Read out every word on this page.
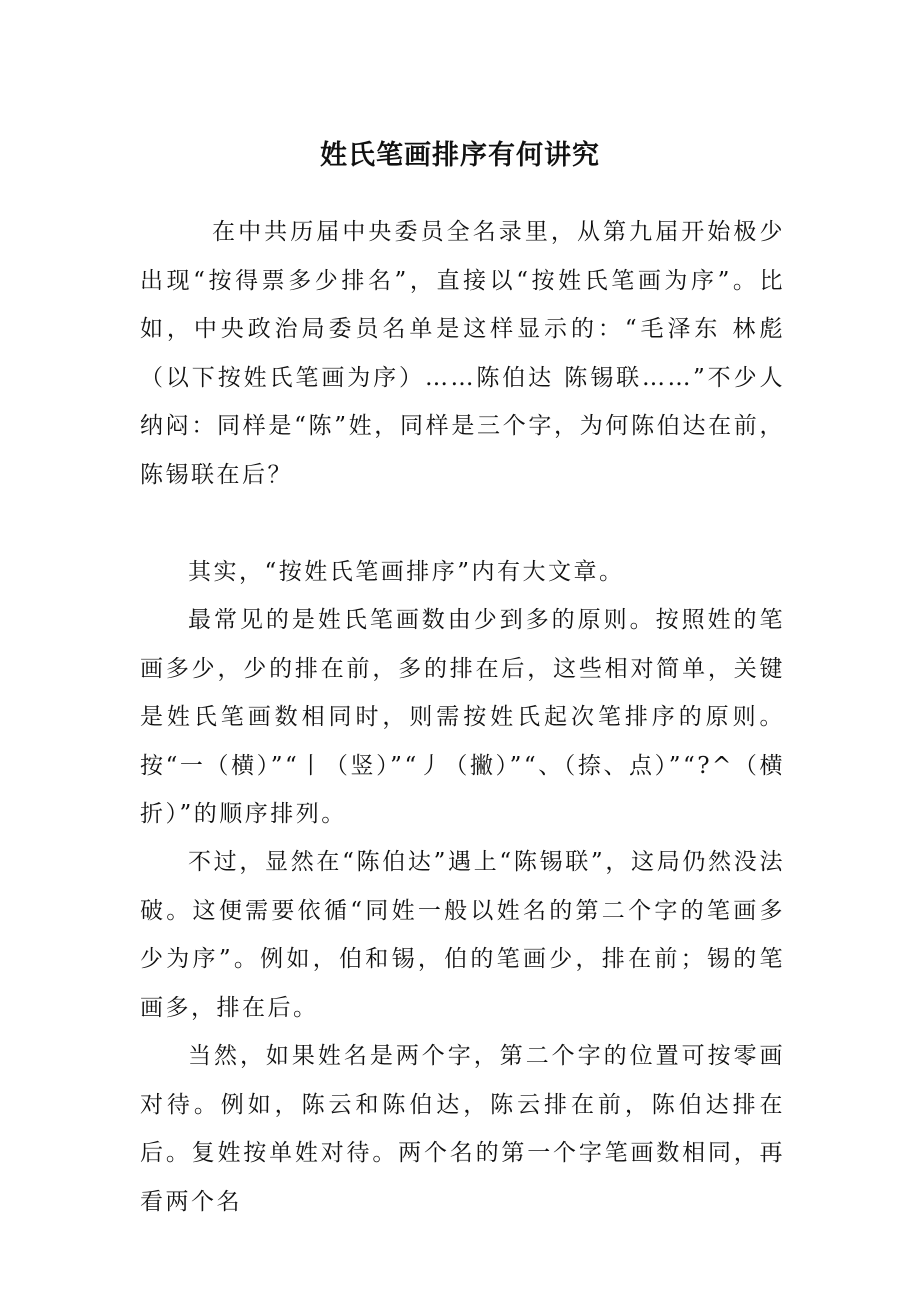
姓氏笔画排序有何讲究

在中共历届中央委员全名录里，从第九届开始极少出现“按得票多少排名”，直接以“按姓氏笔画为序”。比如，中央政治局委员名单是这样显示的：“毛泽东 林彪 （以下按姓氏笔画为序）……陈伯达 陈锡联……”不少人纳闷：同样是“陈”姓，同样是三个字，为何陈伯达在前，陈锡联在后？

其实，“按姓氏笔画排序”内有大文章。

最常见的是姓氏笔画数由少到多的原则。按照姓的笔画多少，少的排在前，多的排在后，这些相对简单，关键是姓氏笔画数相同时，则需按姓氏起次笔排序的原则。按“一（横）”“丨（竖）”“丿（撇）”“、（捺、点）”“?^（横折）”的顺序排列。

不过，显然在“陈伯达”遇上“陈锡联”，这局仍然没法破。这便需要依循“同姓一般以姓名的第二个字的笔画多少为序”。例如，伯和锡，伯的笔画少，排在前；锡的笔画多，排在后。

当然，如果姓名是两个字，第二个字的位置可按零画对待。例如，陈云和陈伯达，陈云排在前，陈伯达排在后。复姓按单姓对待。两个名的第一个字笔画数相同，再看两个名
